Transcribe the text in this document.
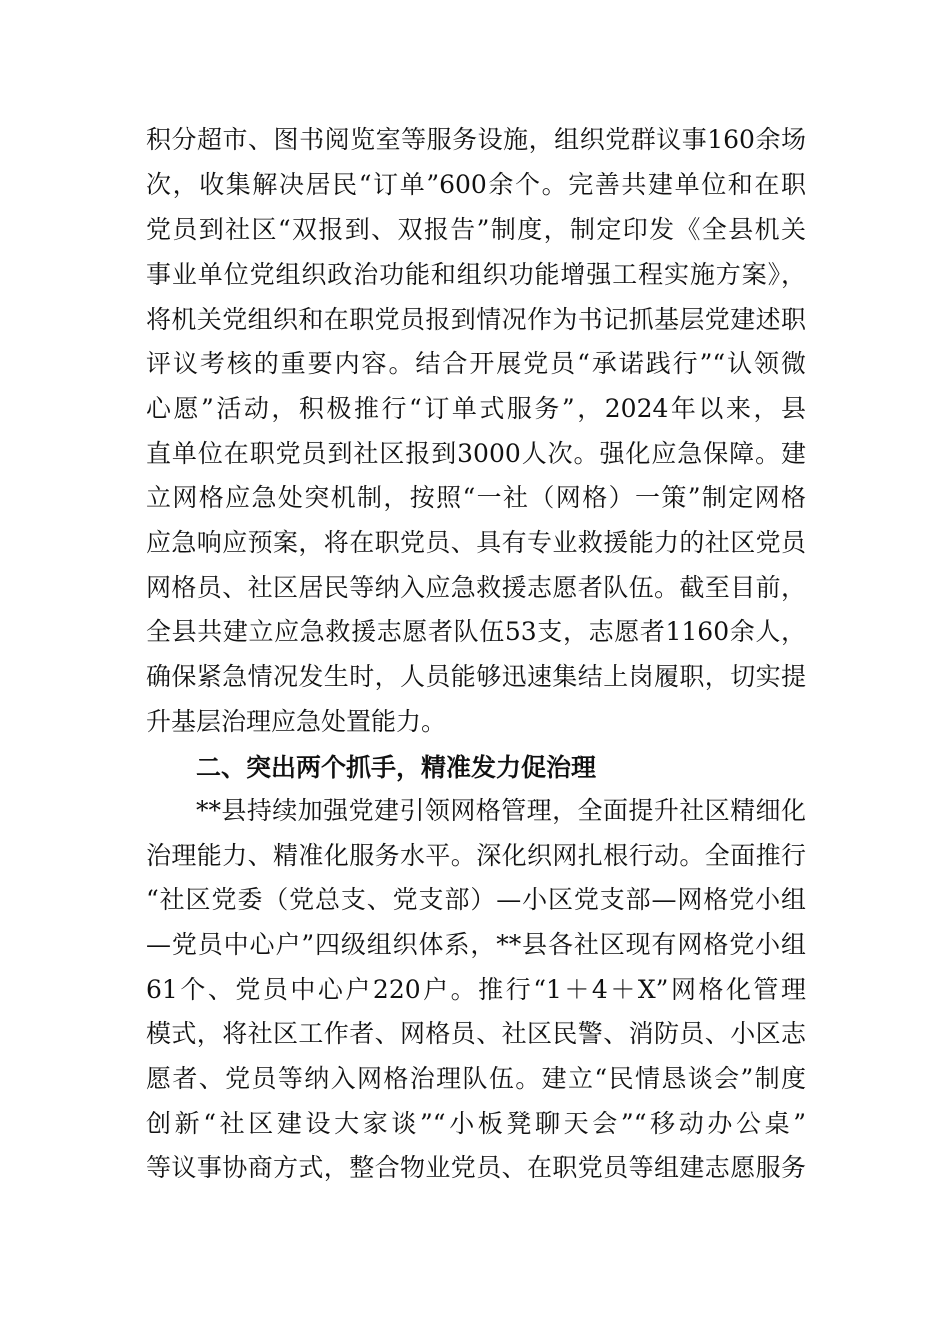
积分超市、图书阅览室等服务设施，组织党群议事160余场
次，收集解决居民“订单”600余个。完善共建单位和在职
党员到社区“双报到、双报告”制度，制定印发《全县机关
事业单位党组织政治功能和组织功能增强工程实施方案》，
将机关党组织和在职党员报到情况作为书记抓基层党建述职
评议考核的重要内容。结合开展党员“承诺践行”“认领微
心愿”活动，积极推行“订单式服务”，2024年以来，县
直单位在职党员到社区报到3000人次。强化应急保障。建
立网格应急处突机制，按照“一社（网格）一策”制定网格
应急响应预案，将在职党员、具有专业救援能力的社区党员
网格员、社区居民等纳入应急救援志愿者队伍。截至目前，
全县共建立应急救援志愿者队伍53支，志愿者1160余人，
确保紧急情况发生时，人员能够迅速集结上岗履职，切实提
升基层治理应急处置能力。
二、突出两个抓手，精准发力促治理
**县持续加强党建引领网格管理，全面提升社区精细化
治理能力、精准化服务水平。深化织网扎根行动。全面推行
“社区党委（党总支、党支部）—小区党支部—网格党小组
—党员中心户”四级组织体系，**县各社区现有网格党小组
61个、党员中心户220户。推行“1＋4＋X”网格化管理
模式，将社区工作者、网格员、社区民警、消防员、小区志
愿者、党员等纳入网格治理队伍。建立“民情恳谈会”制度
创新“社区建设大家谈”“小板凳聊天会”“移动办公桌”
等议事协商方式，整合物业党员、在职党员等组建志愿服务
